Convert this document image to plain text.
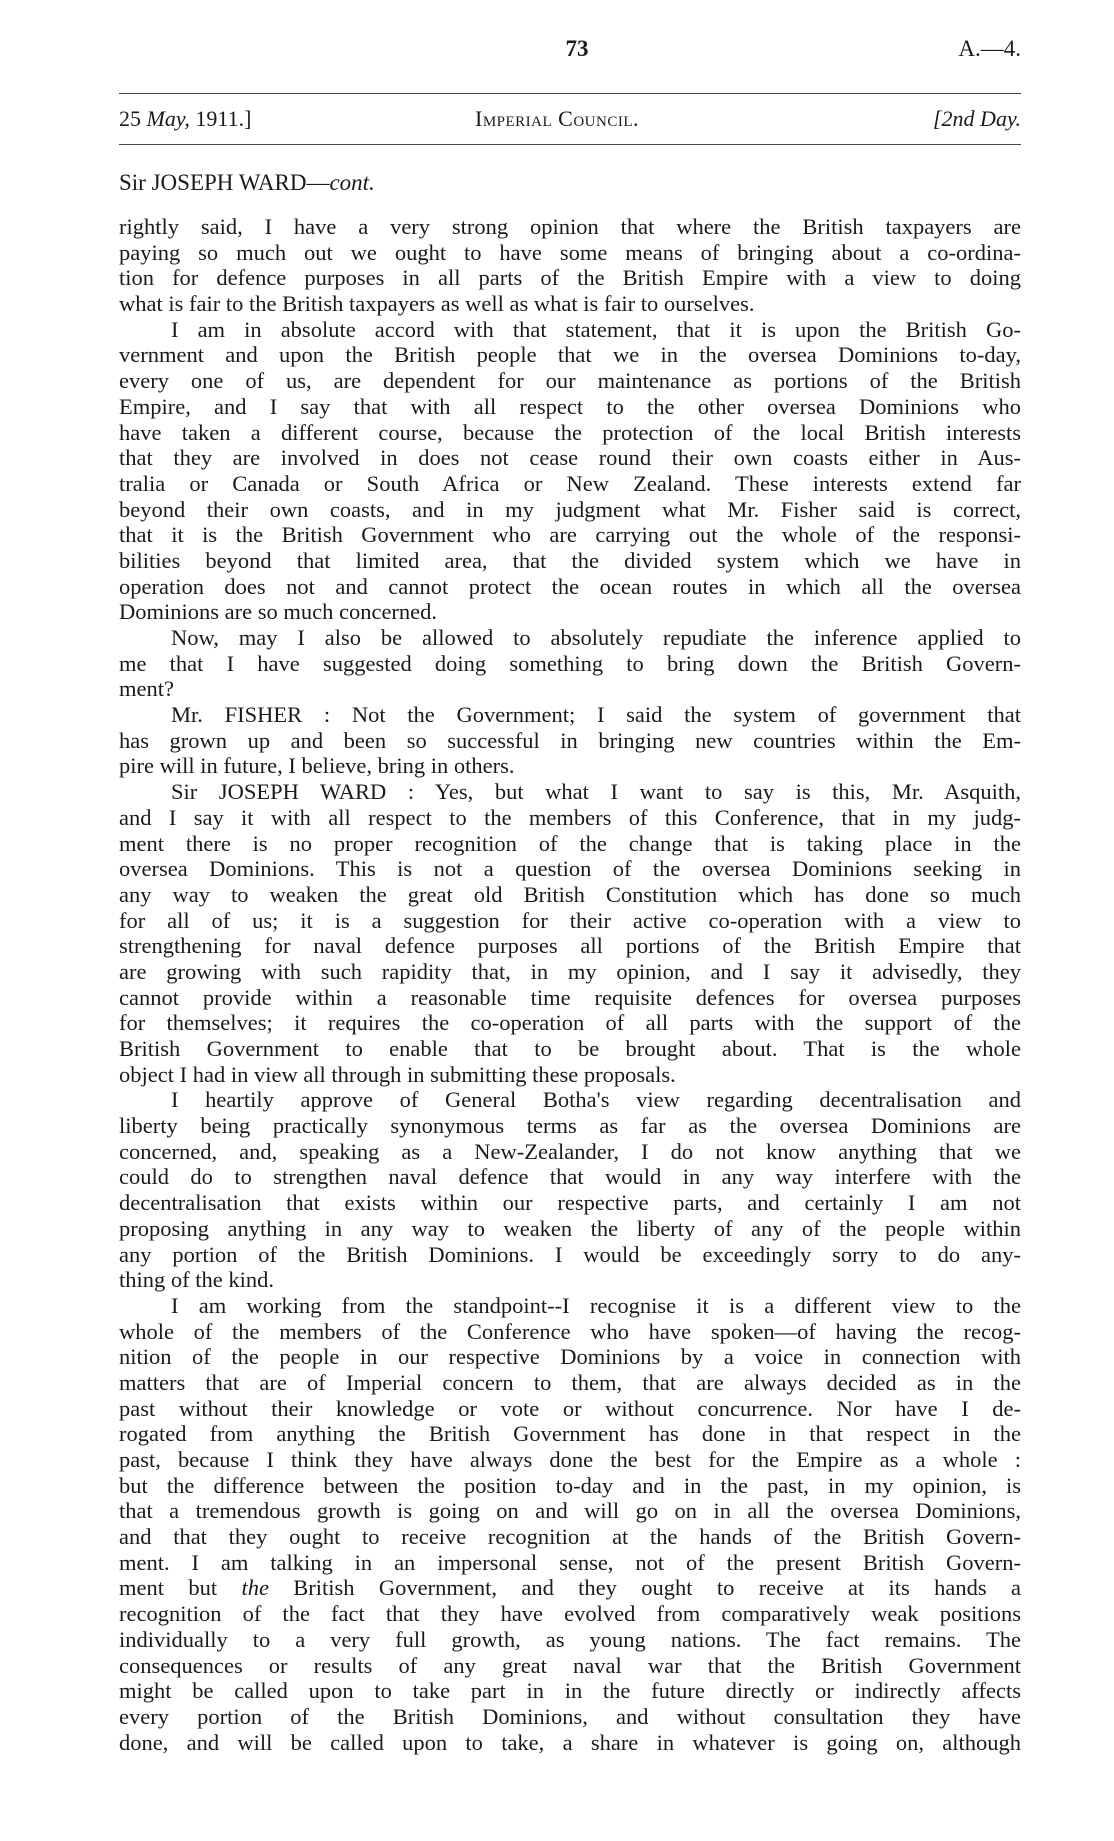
73	A.—4.
25 May, 1911.]	Imperial Council.	[2nd Day.
Sir JOSEPH WARD—cont.
rightly said, I have a very strong opinion that where the British taxpayers are
paying so much out we ought to have some means of bringing about a co-ordina-
tion for defence purposes in all parts of the British Empire with a view to doing
what is fair to the British taxpayers as well as what is fair to ourselves.
I am in absolute accord with that statement, that it is upon the British Go-
vernment and upon the British people that we in the oversea Dominions to-day,
every one of us, are dependent for our maintenance as portions of the British
Empire, and I say that with all respect to the other oversea Dominions who
have taken a different course, because the protection of the local British interests
that they are involved in does not cease round their own coasts either in Aus-
tralia or Canada or South Africa or New Zealand. These interests extend far
beyond their own coasts, and in my judgment what Mr. Fisher said is correct,
that it is the British Government who are carrying out the whole of the responsi-
bilities beyond that limited area, that the divided system which we have in
operation does not and cannot protect the ocean routes in which all the oversea
Dominions are so much concerned.
Now, may I also be allowed to absolutely repudiate the inference applied to
me that I have suggested doing something to bring down the British Govern-
ment?
Mr. FISHER : Not the Government; I said the system of government that
has grown up and been so successful in bringing new countries within the Em-
pire will in future, I believe, bring in others.
Sir JOSEPH WARD : Yes, but what I want to say is this, Mr. Asquith,
and I say it with all respect to the members of this Conference, that in my judg-
ment there is no proper recognition of the change that is taking place in the
oversea Dominions. This is not a question of the oversea Dominions seeking in
any way to weaken the great old British Constitution which has done so much
for all of us; it is a suggestion for their active co-operation with a view to
strengthening for naval defence purposes all portions of the British Empire that
are growing with such rapidity that, in my opinion, and I say it advisedly, they
cannot provide within a reasonable time requisite defences for oversea purposes
for themselves; it requires the co-operation of all parts with the support of the
British Government to enable that to be brought about. That is the whole
object I had in view all through in submitting these proposals.
I heartily approve of General Botha's view regarding decentralisation and
liberty being practically synonymous terms as far as the oversea Dominions are
concerned, and, speaking as a New-Zealander, I do not know anything that we
could do to strengthen naval defence that would in any way interfere with the
decentralisation that exists within our respective parts, and certainly I am not
proposing anything in any way to weaken the liberty of any of the people within
any portion of the British Dominions. I would be exceedingly sorry to do any-
thing of the kind.
I am working from the standpoint--I recognise it is a different view to the
whole of the members of the Conference who have spoken—of having the recog-
nition of the people in our respective Dominions by a voice in connection with
matters that are of Imperial concern to them, that are always decided as in the
past without their knowledge or vote or without concurrence. Nor have I de-
rogated from anything the British Government has done in that respect in the
past, because I think they have always done the best for the Empire as a whole :
but the difference between the position to-day and in the past, in my opinion, is
that a tremendous growth is going on and will go on in all the oversea Dominions,
and that they ought to receive recognition at the hands of the British Govern-
ment. I am talking in an impersonal sense, not of the present British Govern-
ment but the British Government, and they ought to receive at its hands a
recognition of the fact that they have evolved from comparatively weak positions
individually to a very full growth, as young nations. The fact remains. The
consequences or results of any great naval war that the British Government
might be called upon to take part in in the future directly or indirectly affects
every portion of the British Dominions, and without consultation they have
done, and will be called upon to take, a share in whatever is going on, although
